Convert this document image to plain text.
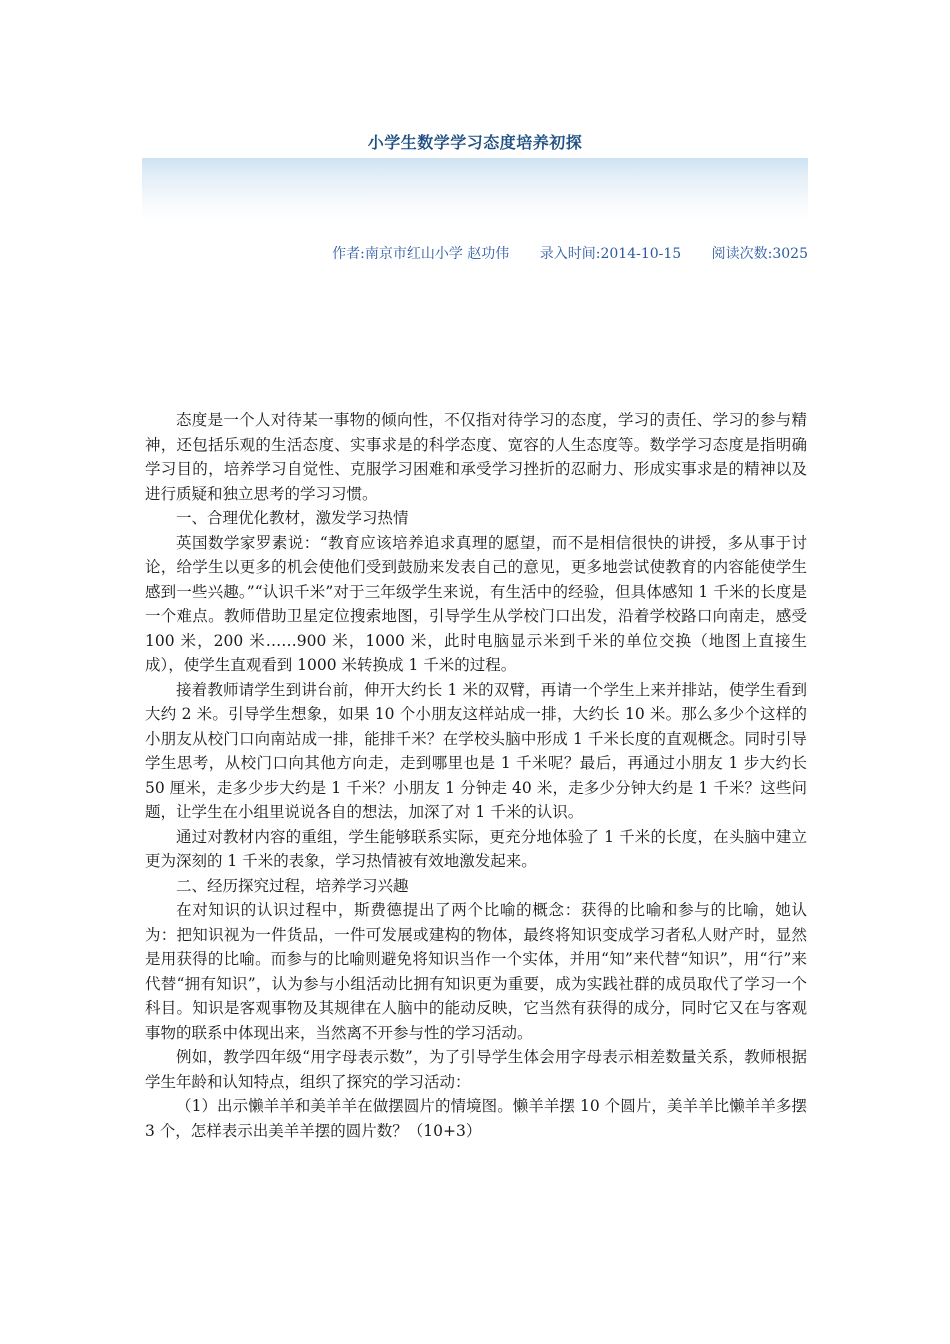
小学生数学学习态度培养初探
作者:南京市红山小学 赵功伟 录入时间:2014-10-15 阅读次数:3025

态度是一个人对待某一事物的倾向性，不仅指对待学习的态度，学习的责任、学习的参与精神，还包括乐观的生活态度、实事求是的科学态度、宽容的人生态度等。数学学习态度是指明确学习目的，培养学习自觉性、克服学习困难和承受学习挫折的忍耐力、形成实事求是的精神以及进行质疑和独立思考的学习习惯。

一、合理优化教材，激发学习热情

英国数学家罗素说：“教育应该培养追求真理的愿望，而不是相信很快的讲授，多从事于讨论，给学生以更多的机会使他们受到鼓励来发表自己的意见，更多地尝试使教育的内容能使学生感到一些兴趣。”“认识千米”对于三年级学生来说，有生活中的经验，但具体感知 1 千米的长度是一个难点。教师借助卫星定位搜索地图，引导学生从学校门口出发，沿着学校路口向南走，感受 100 米，200 米……900 米，1000 米，此时电脑显示米到千米的单位交换（地图上直接生成），使学生直观看到 1000 米转换成 1 千米的过程。

接着教师请学生到讲台前，伸开大约长 1 米的双臂，再请一个学生上来并排站，使学生看到大约 2 米。引导学生想象，如果 10 个小朋友这样站成一排，大约长 10 米。那么多少个这样的小朋友从校门口向南站成一排，能排千米？在学校头脑中形成 1 千米长度的直观概念。同时引导学生思考，从校门口向其他方向走，走到哪里也是 1 千米呢？最后，再通过小朋友 1 步大约长 50 厘米，走多少步大约是 1 千米？小朋友 1 分钟走 40 米，走多少分钟大约是 1 千米？这些问题，让学生在小组里说说各自的想法，加深了对 1 千米的认识。

通过对教材内容的重组，学生能够联系实际，更充分地体验了 1 千米的长度，在头脑中建立更为深刻的 1 千米的表象，学习热情被有效地激发起来。

二、经历探究过程，培养学习兴趣

在对知识的认识过程中，斯费德提出了两个比喻的概念：获得的比喻和参与的比喻，她认为：把知识视为一件货品，一件可发展或建构的物体，最终将知识变成学习者私人财产时，显然是用获得的比喻。而参与的比喻则避免将知识当作一个实体，并用“知”来代替“知识”，用“行”来代替“拥有知识”，认为参与小组活动比拥有知识更为重要，成为实践社群的成员取代了学习一个科目。知识是客观事物及其规律在人脑中的能动反映，它当然有获得的成分，同时它又在与客观事物的联系中体现出来，当然离不开参与性的学习活动。

例如，教学四年级“用字母表示数”，为了引导学生体会用字母表示相差数量关系，教师根据学生年龄和认知特点，组织了探究的学习活动：

（1）出示懒羊羊和美羊羊在做摆圆片的情境图。懒羊羊摆 10 个圆片，美羊羊比懒羊羊多摆 3 个，怎样表示出美羊羊摆的圆片数？（10+3）
